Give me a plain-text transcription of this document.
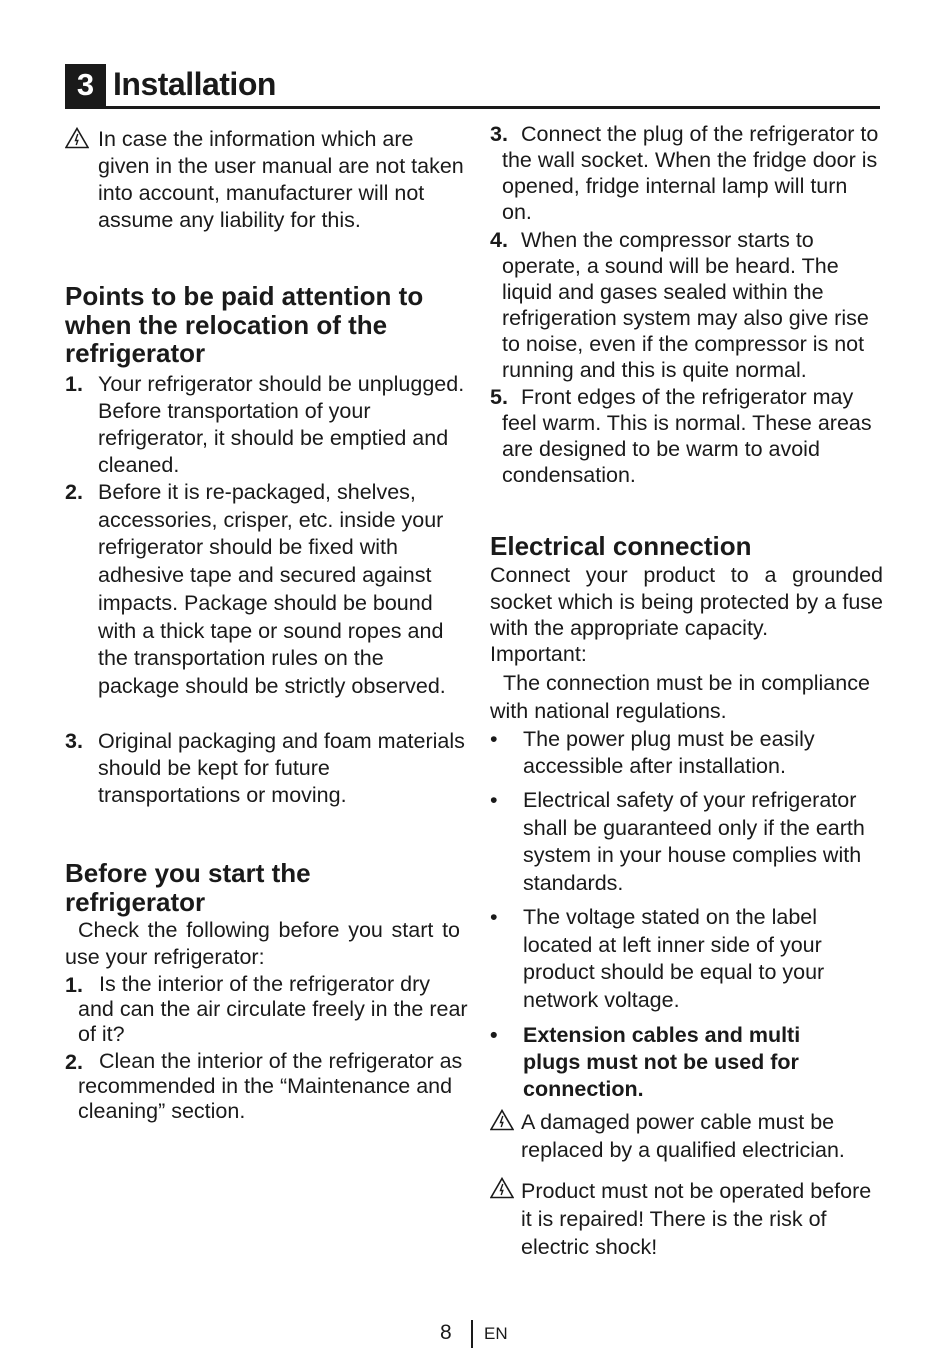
3 Installation
In case the information which are given in the user manual are not taken into account, manufacturer will not assume any liability for this.
Points to be paid attention to when the relocation of the refrigerator
1. Your refrigerator should be unplugged. Before transportation of your refrigerator, it should be emptied and cleaned.
2. Before it is re-packaged, shelves, accessories, crisper, etc. inside your refrigerator should be fixed with adhesive tape and secured against impacts. Package should be bound with a thick tape or sound ropes and the transportation rules on the package should be strictly observed.
3. Original packaging and foam materials should be kept for future transportations or moving.
Before you start the refrigerator
Check the following before you start to use your refrigerator:
1. Is the interior of the refrigerator dry and can the air circulate freely in the rear of it?
2. Clean the interior of the refrigerator as recommended in the “Maintenance and cleaning” section.
3. Connect the plug of the refrigerator to the wall socket. When the fridge door is opened, fridge internal lamp will turn on.
4. When the compressor starts to operate, a sound will be heard. The liquid and gases sealed within the refrigeration system may also give rise to noise, even if the compressor is not running and this is quite normal.
5. Front edges of the refrigerator may feel warm. This is normal. These areas are designed to be warm to avoid condensation.
Electrical connection
Connect your product to a grounded socket which is being protected by a fuse with the appropriate capacity.
Important:
The connection must be in compliance with national regulations.
• The power plug must be easily accessible after installation.
• Electrical safety of your refrigerator shall be guaranteed only if the earth system in your house complies with standards.
• The voltage stated on the label located at left inner side of your product should be equal to your network voltage.
• Extension cables and multi plugs must not be used for connection.
A damaged power cable must be replaced by a qualified electrician.
Product must not be operated before it is repaired! There is the risk of electric shock!
8 EN
